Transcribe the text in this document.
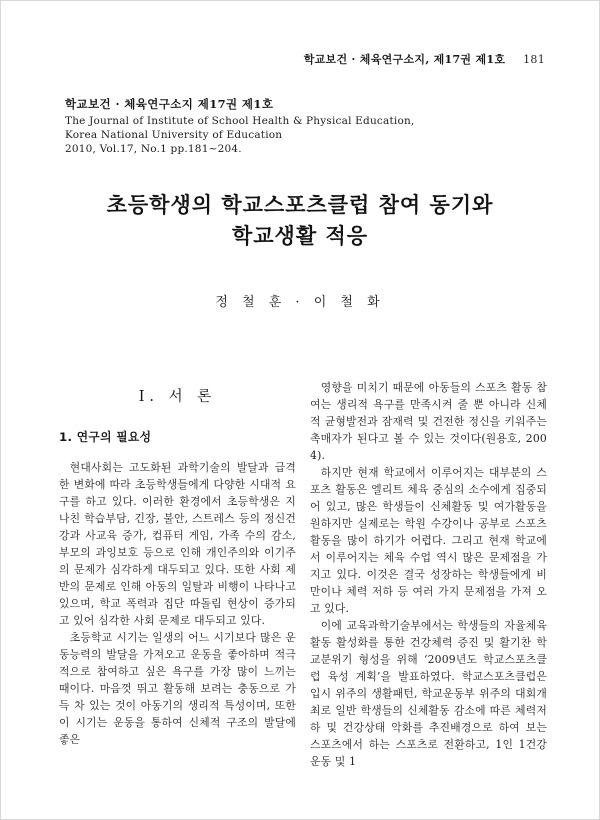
학교보건 · 체육연구소지, 제17권 제1호 181
학교보건 · 체육연구소지 제17권 제1호
The Journal of Institute of School Health & Physical Education,
Korea National University of Education
2010, Vol.17, No.1 pp.181~204.
초등학생의 학교스포츠클럽 참여 동기와
학교생활 적응
정 철 훈 · 이 철 화
Ⅰ. 서 론
1. 연구의 필요성

현대사회는 고도화된 과학기술의 발달과 급격한 변화에 따라 초등학생들에게 다양한 시대적 요구를 하고 있다. 이러한 환경에서 초등학생은 지나친 학습부담, 긴장, 불안, 스트레스 등의 정신건강과 사교육 증가, 컴퓨터 게임, 가족 수의 감소, 부모의 과잉보호 등으로 인해 개인주의와 이기주의 문제가 심각하게 대두되고 있다. 또한 사회 제반의 문제로 인해 아동의 일탈과 비행이 나타나고 있으며, 학교 폭력과 집단 따돌림 현상이 증가되고 있어 심각한 사회 문제로 대두되고 있다.

초등학교 시기는 일생의 어느 시기보다 많은 운동능력의 발달을 가져오고 운동을 좋아하며 적극적으로 참여하고 싶은 욕구를 가장 많이 느끼는 때이다. 마음껏 뛰고 활동해 보려는 충동으로 가득 차 있는 것이 아동기의 생리적 특성이며, 또한 이 시기는 운동을 통하여 신체적 구조의 발달에 좋은

영향을 미치기 때문에 아동들의 스포츠 활동 참여는 생리적 욕구를 만족시켜 줄 뿐 아니라 신체적 균형발전과 잠재력 및 건전한 정신을 키워주는 촉매자가 된다고 볼 수 있는 것이다(원용호, 2004).

하지만 현재 학교에서 이루어지는 대부분의 스포츠 활동은 엘리트 체육 중심의 소수에게 집중되어 있고, 많은 학생들이 신체활동 및 여가활동을 원하지만 실제로는 학원 수강이나 공부로 스포츠 활동을 많이 하기가 어렵다. 그리고 현재 학교에서 이루어지는 체육 수업 역시 많은 문제점을 가지고 있다. 이것은 결국 성장하는 학생들에게 비만이나 체력 저하 등 여러 가지 문제점을 가져 오고 있다.

이에 교육과학기술부에서는 학생들의 자율체육 활동 활성화를 통한 건강체력 증진 및 활기찬 학교분위기 형성을 위해 ‘2009년도 학교스포츠클럽 육성 계획’을 발표하였다. 학교스포츠클럽은 입시 위주의 생활패턴, 학교운동부 위주의 대회개최로 일반 학생들의 신체활동 감소에 따른 체력저하 및 건강상태 악화를 추진배경으로 하여 보는 스포츠에서 하는 스포츠로 전환하고, 1인 1건강운동 및 1
